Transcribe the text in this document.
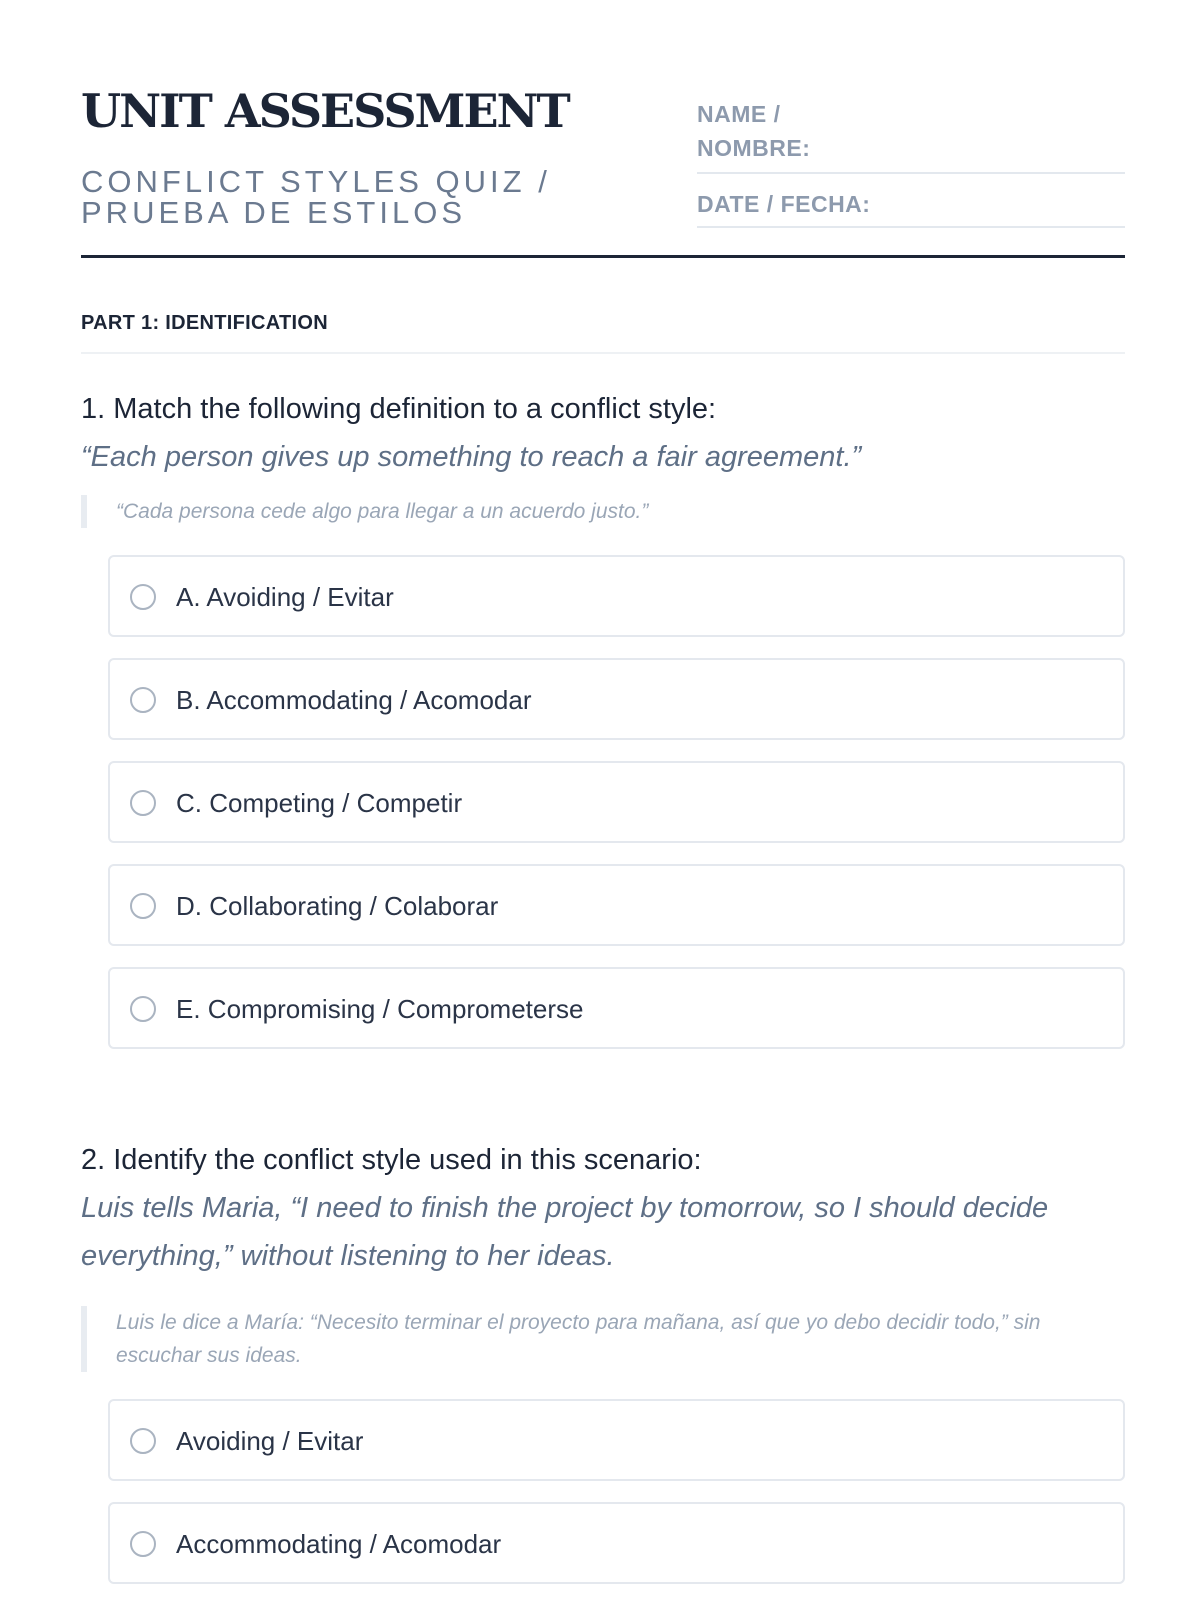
UNIT ASSESSMENT
CONFLICT STYLES QUIZ / PRUEBA DE ESTILOS
NAME / NOMBRE:
DATE / FECHA:
PART 1: IDENTIFICATION
1. Match the following definition to a conflict style:
“Each person gives up something to reach a fair agreement.”
“Cada persona cede algo para llegar a un acuerdo justo.”
A. Avoiding / Evitar
B. Accommodating / Acomodar
C. Competing / Competir
D. Collaborating / Colaborar
E. Compromising / Comprometerse
2. Identify the conflict style used in this scenario:
Luis tells Maria, “I need to finish the project by tomorrow, so I should decide everything,” without listening to her ideas.
Luis le dice a María: “Necesito terminar el proyecto para mañana, así que yo debo decidir todo,” sin escuchar sus ideas.
Avoiding / Evitar
Accommodating / Acomodar
